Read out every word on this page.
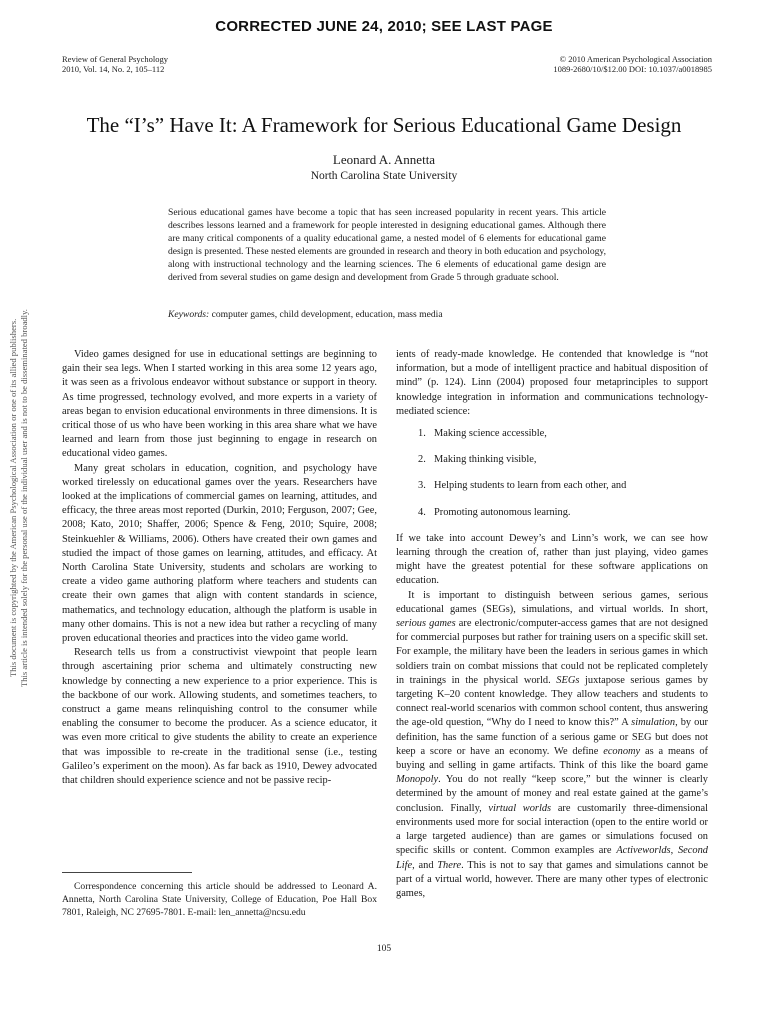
CORRECTED JUNE 24, 2010; SEE LAST PAGE
Review of General Psychology
2010, Vol. 14, No. 2, 105–112
© 2010 American Psychological Association
1089-2680/10/$12.00 DOI: 10.1037/a0018985
The “I’s” Have It: A Framework for Serious Educational Game Design
Leonard A. Annetta
North Carolina State University

Serious educational games have become a topic that has seen increased popularity in recent years. This article describes lessons learned and a framework for people interested in designing educational games. Although there are many critical components of a quality educational game, a nested model of 6 elements for educational game design is presented. These nested elements are grounded in research and theory in both education and psychology, along with instructional technology and the learning sciences. The 6 elements of educational game design are derived from several studies on game design and development from Grade 5 through graduate school.

Keywords: computer games, child development, education, mass media

This document is copyrighted by the American Psychological Association or one of its allied publishers. This article is intended solely for the personal use of the individual user and is not to be disseminated broadly.	Video games designed for use in educational settings are beginning to gain their sea legs. When I started working in this area some 12 years ago, it was seen as a frivolous endeavor without substance or support in theory. As time progressed, technology evolved, and more experts in a variety of areas began to envision educational environments in three dimensions. It is critical those of us who have been working in this area share what we have learned and learn from those just beginning to engage in research on educational video games.

Many great scholars in education, cognition, and psychology have worked tirelessly on educational games over the years. Researchers have looked at the implications of commercial games on learning, attitudes, and efficacy, the three areas most reported (Durkin, 2010; Ferguson, 2007; Gee, 2008; Kato, 2010; Shaffer, 2006; Spence & Feng, 2010; Squire, 2008; Steinkuehler & Williams, 2006). Others have created their own games and studied the impact of those games on learning, attitudes, and efficacy. At North Carolina State University, students and scholars are working to create a video game authoring platform where teachers and students can create their own games that align with content standards in science, mathematics, and technology education, although the platform is usable in many other domains. This is not a new idea but rather a recycling of many proven educational theories and practices into the video game world.

Research tells us from a constructivist viewpoint that people learn through ascertaining prior schema and ultimately constructing new knowledge by connecting a new experience to a prior experience. This is the backbone of our work. Allowing students, and sometimes teachers, to construct a game means relinquishing control to the consumer while enabling the consumer to become the producer. As a science educator, it was even more critical to give students the ability to create an experience that was impossible to re-create in the traditional sense (i.e., testing Galileo’s experiment on the moon). As far back as 1910, Dewey advocated that children should experience science and not be passive recip-

ients of ready-made knowledge. He contended that knowledge is “not information, but a mode of intelligent practice and habitual disposition of mind” (p. 124). Linn (2004) proposed four metaprinciples to support knowledge integration in information and communications technology-mediated science:

1. Making science accessible,
2. Making thinking visible,
3. Helping students to learn from each other, and
4. Promoting autonomous learning.

If we take into account Dewey’s and Linn’s work, we can see how learning through the creation of, rather than just playing, video games might have the greatest potential for these software applications on education.

It is important to distinguish between serious games, serious educational games (SEGs), simulations, and virtual worlds. In short, serious games are electronic/computer-access games that are not designed for commercial purposes but rather for training users on a specific skill set. For example, the military have been the leaders in serious games in which soldiers train on combat missions that could not be replicated completely in trainings in the physical world. SEGs juxtapose serious games by targeting K–20 content knowledge. They allow teachers and students to connect real-world scenarios with common school content, thus answering the age-old question, “Why do I need to know this?” A simulation, by our definition, has the same function of a serious game or SEG but does not keep a score or have an economy. We define economy as a means of buying and selling in game artifacts. Think of this like the board game Monopoly. You do not really “keep score,” but the winner is clearly determined by the amount of money and real estate gained at the game’s conclusion. Finally, virtual worlds are customarily three-dimensional environments used more for social interaction (open to the entire world or a large targeted audience) than are games or simulations focused on specific skills or content. Common examples are Activeworlds, Second Life, and There. This is not to say that games and simulations cannot be part of a virtual world, however. There are many other types of electronic games,

Correspondence concerning this article should be addressed to Leonard A. Annetta, North Carolina State University, College of Education, Poe Hall Box 7801, Raleigh, NC 27695-7801. E-mail: len_annetta@ncsu.edu

105
